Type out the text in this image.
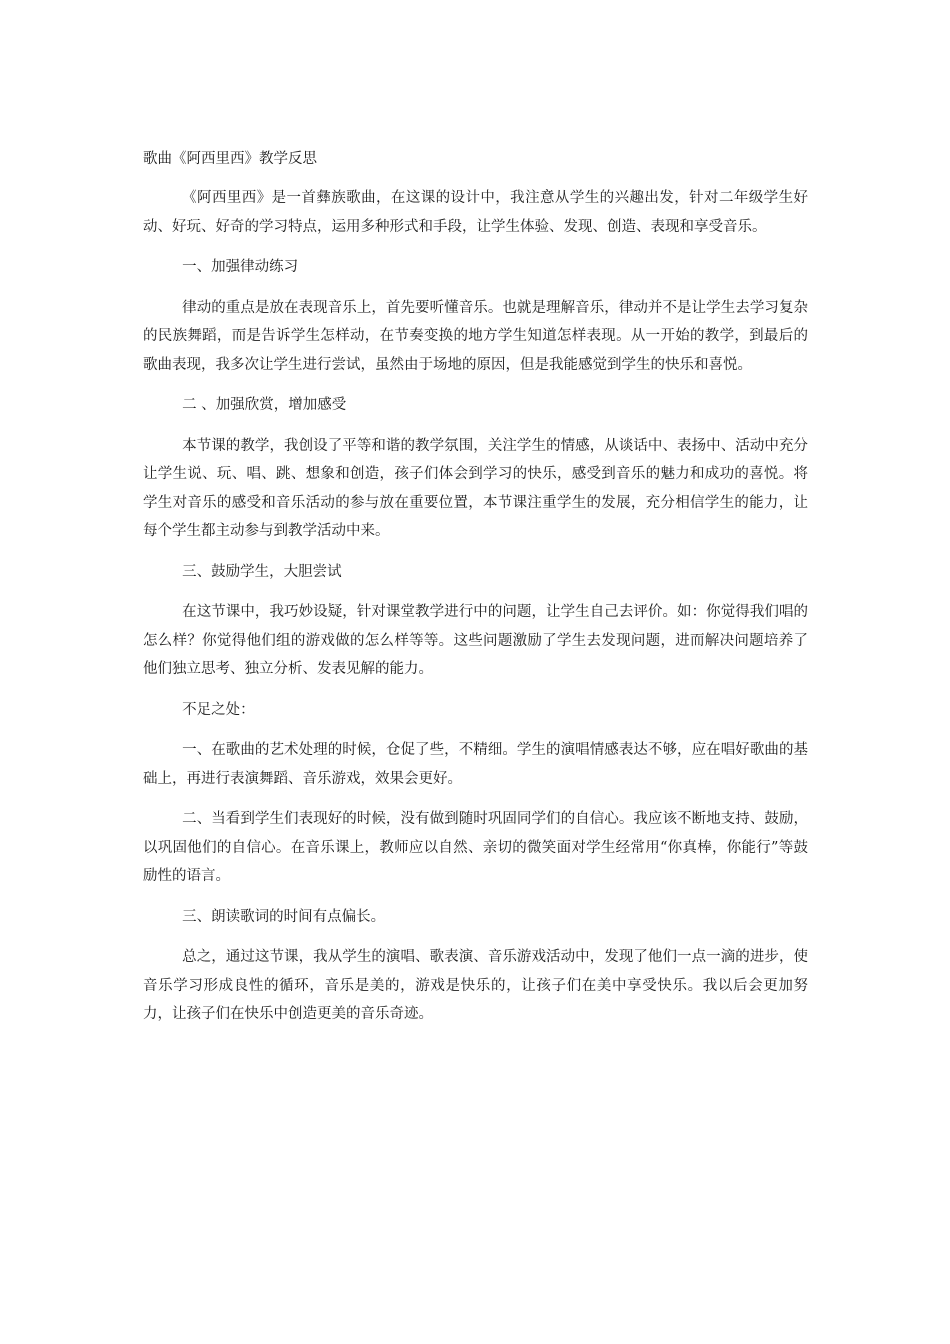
歌曲《阿西里西》教学反思

《阿西里西》是一首彝族歌曲，在这课的设计中，我注意从学生的兴趣出发，针对二年级学生好动、好玩、好奇的学习特点，运用多种形式和手段，让学生体验、发现、创造、表现和享受音乐。

一、加强律动练习

律动的重点是放在表现音乐上，首先要听懂音乐。也就是理解音乐，律动并不是让学生去学习复杂的民族舞蹈，而是告诉学生怎样动，在节奏变换的地方学生知道怎样表现。从一开始的教学，到最后的歌曲表现，我多次让学生进行尝试，虽然由于场地的原因，但是我能感觉到学生的快乐和喜悦。

二 、加强欣赏，增加感受

本节课的教学，我创设了平等和谐的教学氛围，关注学生的情感，从谈话中、表扬中、活动中充分让学生说、玩、唱、跳、想象和创造，孩子们体会到学习的快乐，感受到音乐的魅力和成功的喜悦。将学生对音乐的感受和音乐活动的参与放在重要位置，本节课注重学生的发展，充分相信学生的能力，让每个学生都主动参与到教学活动中来。

三、鼓励学生，大胆尝试

在这节课中，我巧妙设疑，针对课堂教学进行中的问题，让学生自己去评价。如：你觉得我们唱的怎么样？你觉得他们组的游戏做的怎么样等等。这些问题激励了学生去发现问题，进而解决问题培养了他们独立思考、独立分析、发表见解的能力。

不足之处：

一、在歌曲的艺术处理的时候，仓促了些，不精细。学生的演唱情感表达不够，应在唱好歌曲的基础上，再进行表演舞蹈、音乐游戏，效果会更好。

二、当看到学生们表现好的时候，没有做到随时巩固同学们的自信心。我应该不断地支持、鼓励，以巩固他们的自信心。在音乐课上，教师应以自然、亲切的微笑面对学生经常用“你真棒，你能行”等鼓励性的语言。

三、朗读歌词的时间有点偏长。

总之，通过这节课，我从学生的演唱、歌表演、音乐游戏活动中，发现了他们一点一滴的进步，使音乐学习形成良性的循环，音乐是美的，游戏是快乐的，让孩子们在美中享受快乐。我以后会更加努力，让孩子们在快乐中创造更美的音乐奇迹。
